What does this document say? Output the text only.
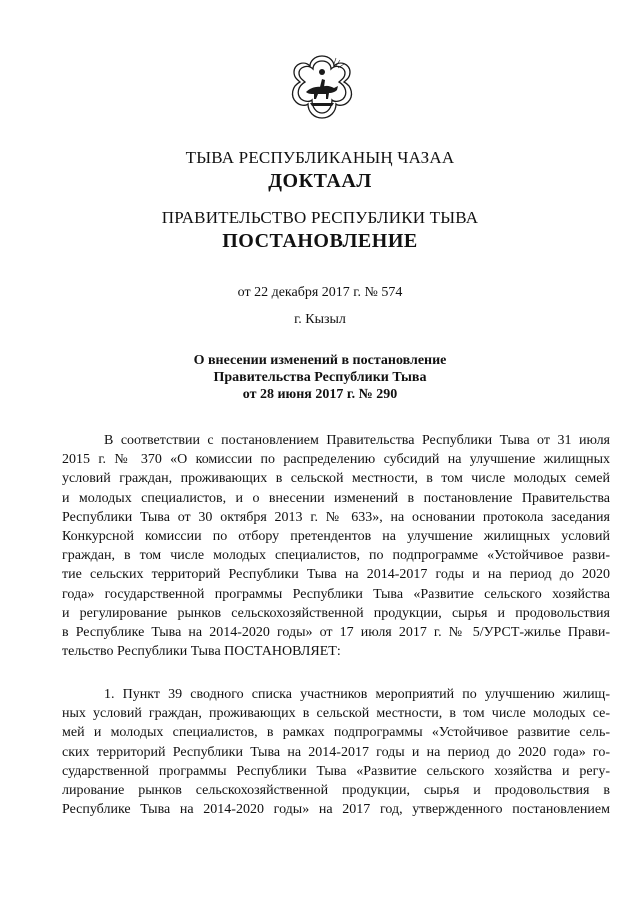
ТЫВА РЕСПУБЛИКАНЫҢ ЧАЗАА
ДОКТААЛ
ПРАВИТЕЛЬСТВО РЕСПУБЛИКИ ТЫВА
ПОСТАНОВЛЕНИЕ
от 22 декабря 2017 г. № 574
г. Кызыл
О внесении изменений в постановление
Правительства Республики Тыва
от 28 июня 2017 г. № 290
В соответствии с постановлением Правительства Республики Тыва от 31 июля
2015 г. № 370 «О комиссии по распределению субсидий на улучшение жилищных
условий граждан, проживающих в сельской местности, в том числе молодых семей
и молодых специалистов, и о внесении изменений в постановление Правительства
Республики Тыва от 30 октября 2013 г. № 633», на основании протокола заседания
Конкурсной комиссии по отбору претендентов на улучшение жилищных условий
граждан, в том числе молодых специалистов, по подпрограмме «Устойчивое разви-
тие сельских территорий Республики Тыва на 2014-2017 годы и на период до 2020
года» государственной программы Республики Тыва «Развитие сельского хозяйства
и регулирование рынков сельскохозяйственной продукции, сырья и продовольствия
в Республике Тыва на 2014-2020 годы» от 17 июля 2017 г. № 5/УРСТ-жилье Прави-
тельство Республики Тыва ПОСТАНОВЛЯЕТ:
1. Пункт 39 сводного списка участников мероприятий по улучшению жилищ-
ных условий граждан, проживающих в сельской местности, в том числе молодых се-
мей и молодых специалистов, в рамках подпрограммы «Устойчивое развитие сель-
ских территорий Республики Тыва на 2014-2017 годы и на период до 2020 года» го-
сударственной программы Республики Тыва «Развитие сельского хозяйства и регу-
лирование рынков сельскохозяйственной продукции, сырья и продовольствия в
Республике Тыва на 2014-2020 годы» на 2017 год, утвержденного постановлением
